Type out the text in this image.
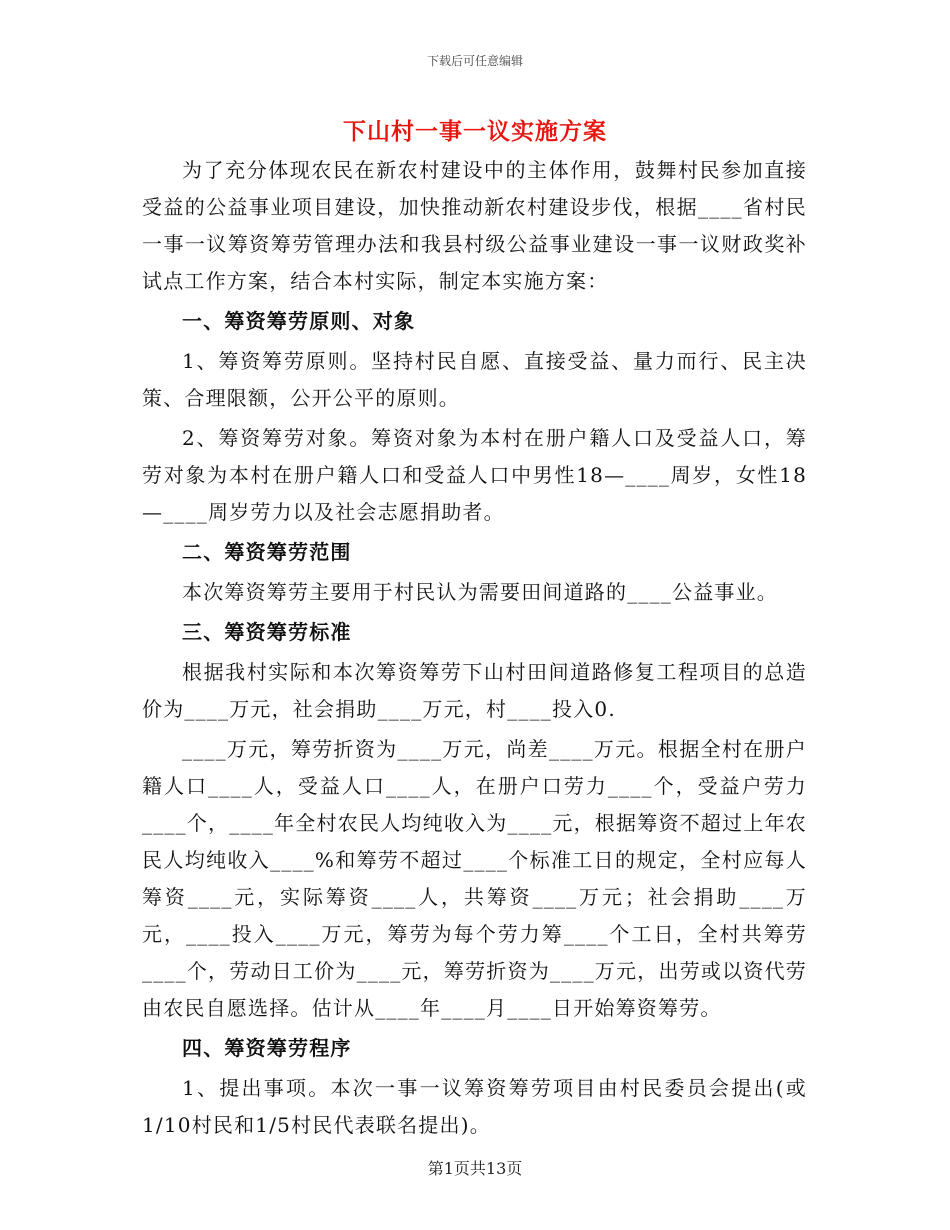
下载后可任意编辑
下山村一事一议实施方案

为了充分体现农民在新农村建设中的主体作用，鼓舞村民参加直接受益的公益事业项目建设，加快推动新农村建设步伐，根据____省村民一事一议筹资筹劳管理办法和我县村级公益事业建设一事一议财政奖补试点工作方案，结合本村实际，制定本实施方案：

一、筹资筹劳原则、对象

1、筹资筹劳原则。坚持村民自愿、直接受益、量力而行、民主决策、合理限额，公开公平的原则。

2、筹资筹劳对象。筹资对象为本村在册户籍人口及受益人口，筹劳对象为本村在册户籍人口和受益人口中男性18—____周岁，女性18—____周岁劳力以及社会志愿捐助者。

二、筹资筹劳范围

本次筹资筹劳主要用于村民认为需要田间道路的____公益事业。

三、筹资筹劳标准

根据我村实际和本次筹资筹劳下山村田间道路修复工程项目的总造价为____万元，社会捐助____万元，村____投入0.

____万元，筹劳折资为____万元，尚差____万元。根据全村在册户籍人口____人，受益人口____人，在册户口劳力____个，受益户劳力____个，____年全村农民人均纯收入为____元，根据筹资不超过上年农民人均纯收入____%和筹劳不超过____个标准工日的规定，全村应每人筹资____元，实际筹资____人，共筹资____万元；社会捐助____万元，____投入____万元，筹劳为每个劳力筹____个工日，全村共筹劳____个，劳动日工价为____元，筹劳折资为____万元，出劳或以资代劳由农民自愿选择。估计从____年____月____日开始筹资筹劳。

四、筹资筹劳程序

1、提出事项。本次一事一议筹资筹劳项目由村民委员会提出(或1/10村民和1/5村民代表联名提出)。

第1页共13页
